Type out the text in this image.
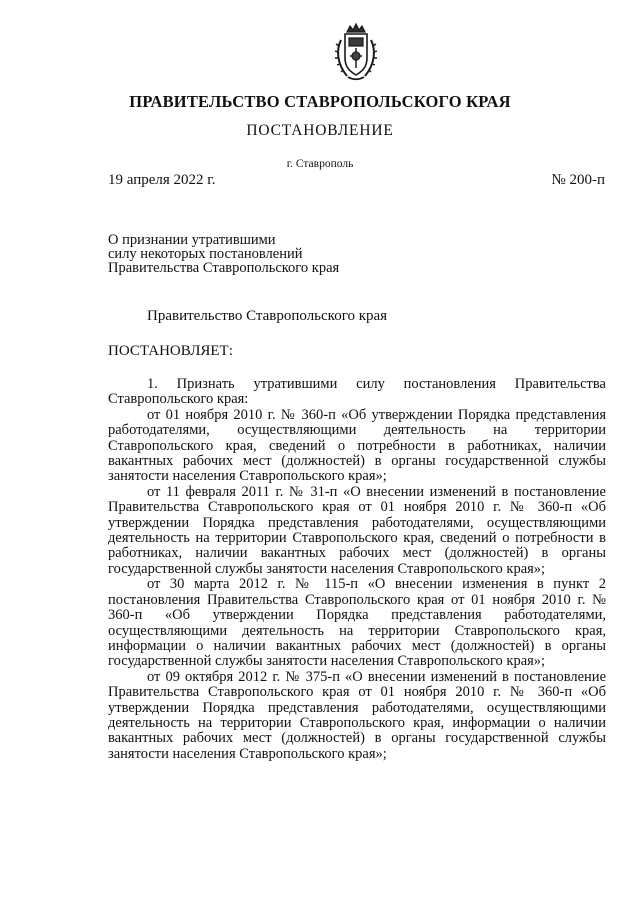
ПРАВИТЕЛЬСТВО СТАВРОПОЛЬСКОГО КРАЯ
ПОСТАНОВЛЕНИЕ
г. Ставрополь
19 апреля 2022 г.	№ 200-п
О признании утратившими
силу некоторых постановлений
Правительства Ставропольского края
Правительство Ставропольского края
ПОСТАНОВЛЯЕТ:

1. Признать утратившими силу постановления Правительства Ставропольского края:

от 01 ноября 2010 г. № 360-п «Об утверждении Порядка представления работодателями, осуществляющими деятельность на территории Ставропольского края, сведений о потребности в работниках, наличии вакантных рабочих мест (должностей) в органы государственной службы занятости населения Ставропольского края»;

от 11 февраля 2011 г. № 31-п «О внесении изменений в постановление Правительства Ставропольского края от 01 ноября 2010 г. № 360-п «Об утверждении Порядка представления работодателями, осуществляющими деятельность на территории Ставропольского края, сведений о потребности в работниках, наличии вакантных рабочих мест (должностей) в органы государственной службы занятости населения Ставропольского края»;

от 30 марта 2012 г. № 115-п «О внесении изменения в пункт 2 постановления Правительства Ставропольского края от 01 ноября 2010 г. № 360-п «Об утверждении Порядка представления работодателями, осуществляющими деятельность на территории Ставропольского края, информации о наличии вакантных рабочих мест (должностей) в органы государственной службы занятости населения Ставропольского края»;

от 09 октября 2012 г. № 375-п «О внесении изменений в постановление Правительства Ставропольского края от 01 ноября 2010 г. № 360-п «Об утверждении Порядка представления работодателями, осуществляющими деятельность на территории Ставропольского края, информации о наличии вакантных рабочих мест (должностей) в органы государственной службы занятости населения Ставропольского края»;
